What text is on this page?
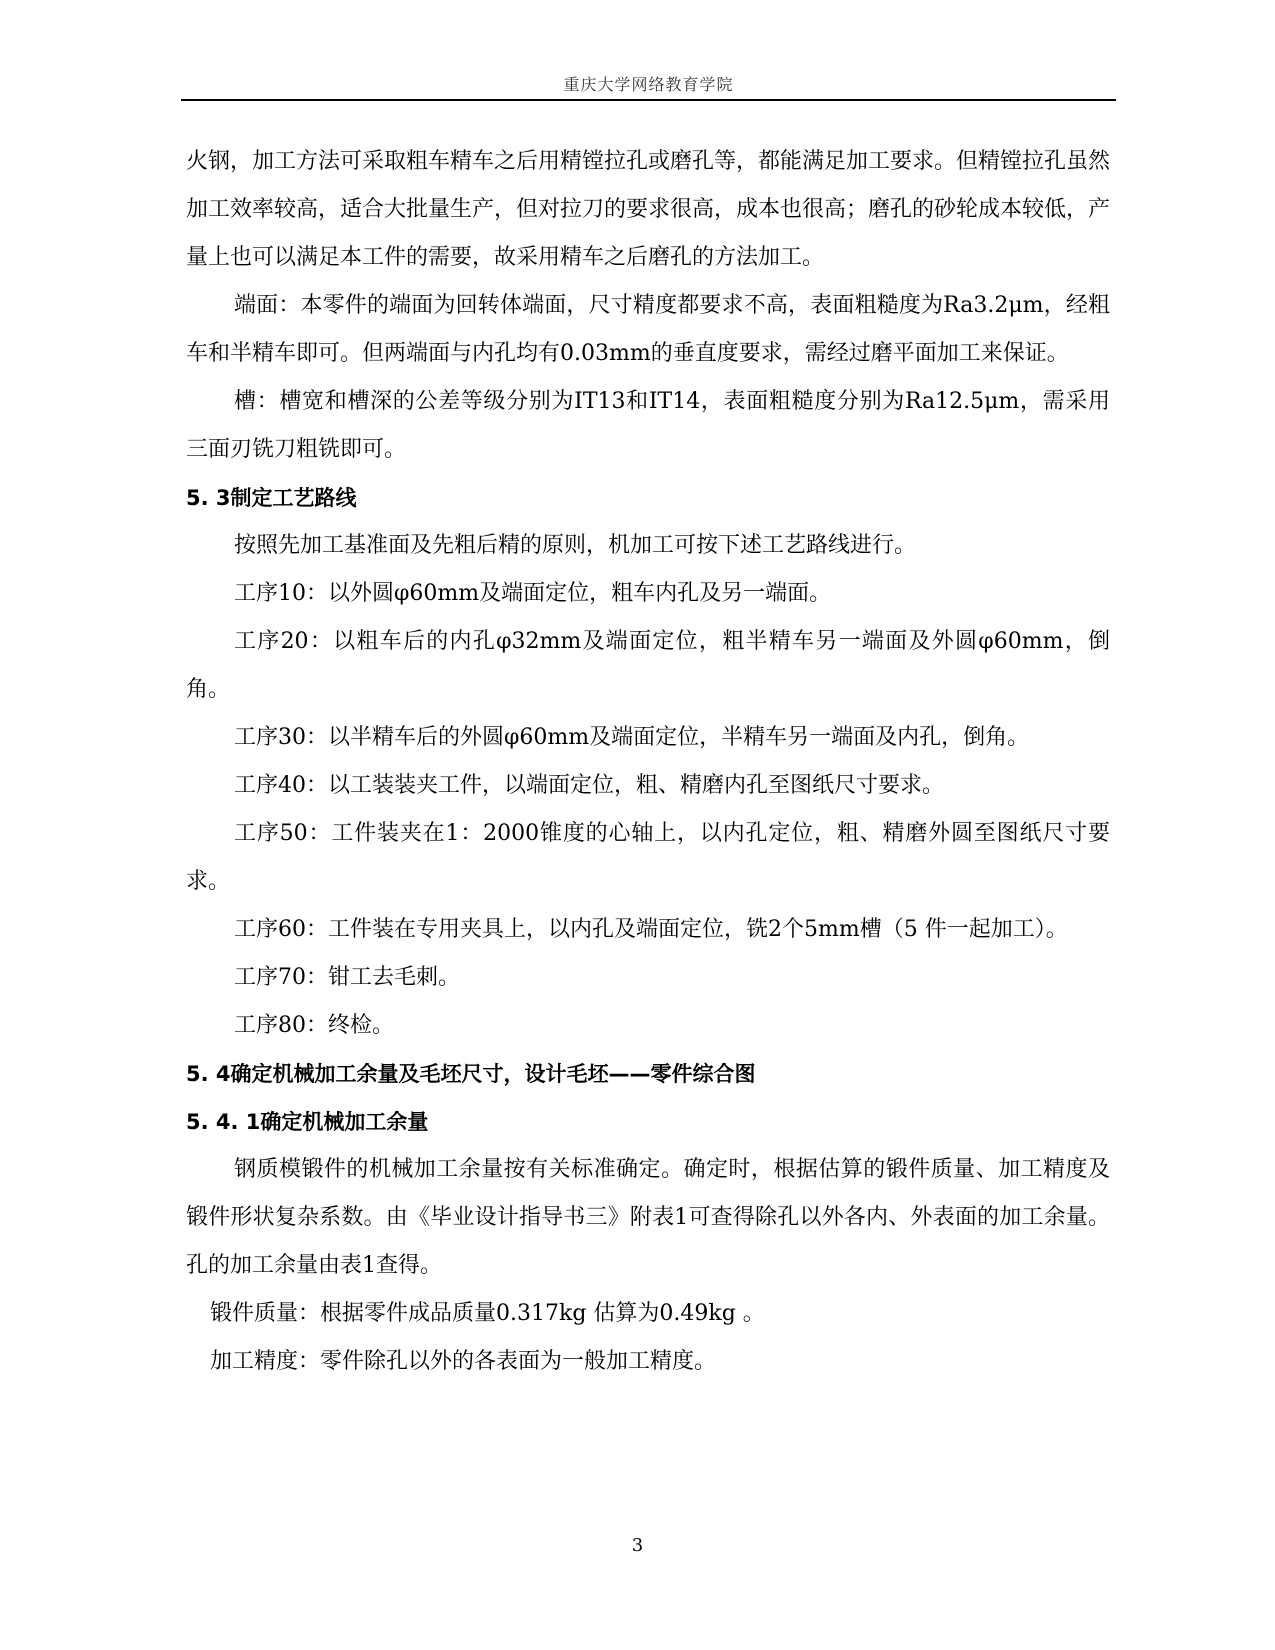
重庆大学网络教育学院

火钢，加工方法可采取粗车精车之后用精镗拉孔或磨孔等，都能满足加工要求。但精镗拉孔虽然加工效率较高，适合大批量生产，但对拉刀的要求很高，成本也很高；磨孔的砂轮成本较低，产量上也可以满足本工件的需要，故采用精车之后磨孔的方法加工。

端面：本零件的端面为回转体端面，尺寸精度都要求不高，表面粗糙度为Ra3.2μm，经粗车和半精车即可。但两端面与内孔均有0.03mm的垂直度要求，需经过磨平面加工来保证。

槽：槽宽和槽深的公差等级分别为IT13和IT14，表面粗糙度分别为Ra12.5μm，需采用三面刃铣刀粗铣即可。

5. 3制定工艺路线

按照先加工基准面及先粗后精的原则，机加工可按下述工艺路线进行。

工序10：以外圆φ60mm及端面定位，粗车内孔及另一端面。

工序20：以粗车后的内孔φ32mm及端面定位，粗半精车另一端面及外圆φ60mm，倒角。

工序30：以半精车后的外圆φ60mm及端面定位，半精车另一端面及内孔，倒角。

工序40：以工装装夹工件，以端面定位，粗、精磨内孔至图纸尺寸要求。

工序50：工件装夹在1：2000锥度的心轴上，以内孔定位，粗、精磨外圆至图纸尺寸要求。

工序60：工件装在专用夹具上，以内孔及端面定位，铣2个5mm槽（5 件一起加工）。

工序70：钳工去毛刺。

工序80：终检。

5. 4确定机械加工余量及毛坯尺寸，设计毛坯——零件综合图
5. 4. 1确定机械加工余量

钢质模锻件的机械加工余量按有关标准确定。确定时，根据估算的锻件质量、加工精度及锻件形状复杂系数。由《毕业设计指导书三》附表1可查得除孔以外各内、外表面的加工余量。孔的加工余量由表1查得。

锻件质量：根据零件成品质量0.317kg 估算为0.49kg 。

加工精度：零件除孔以外的各表面为一般加工精度。

3
